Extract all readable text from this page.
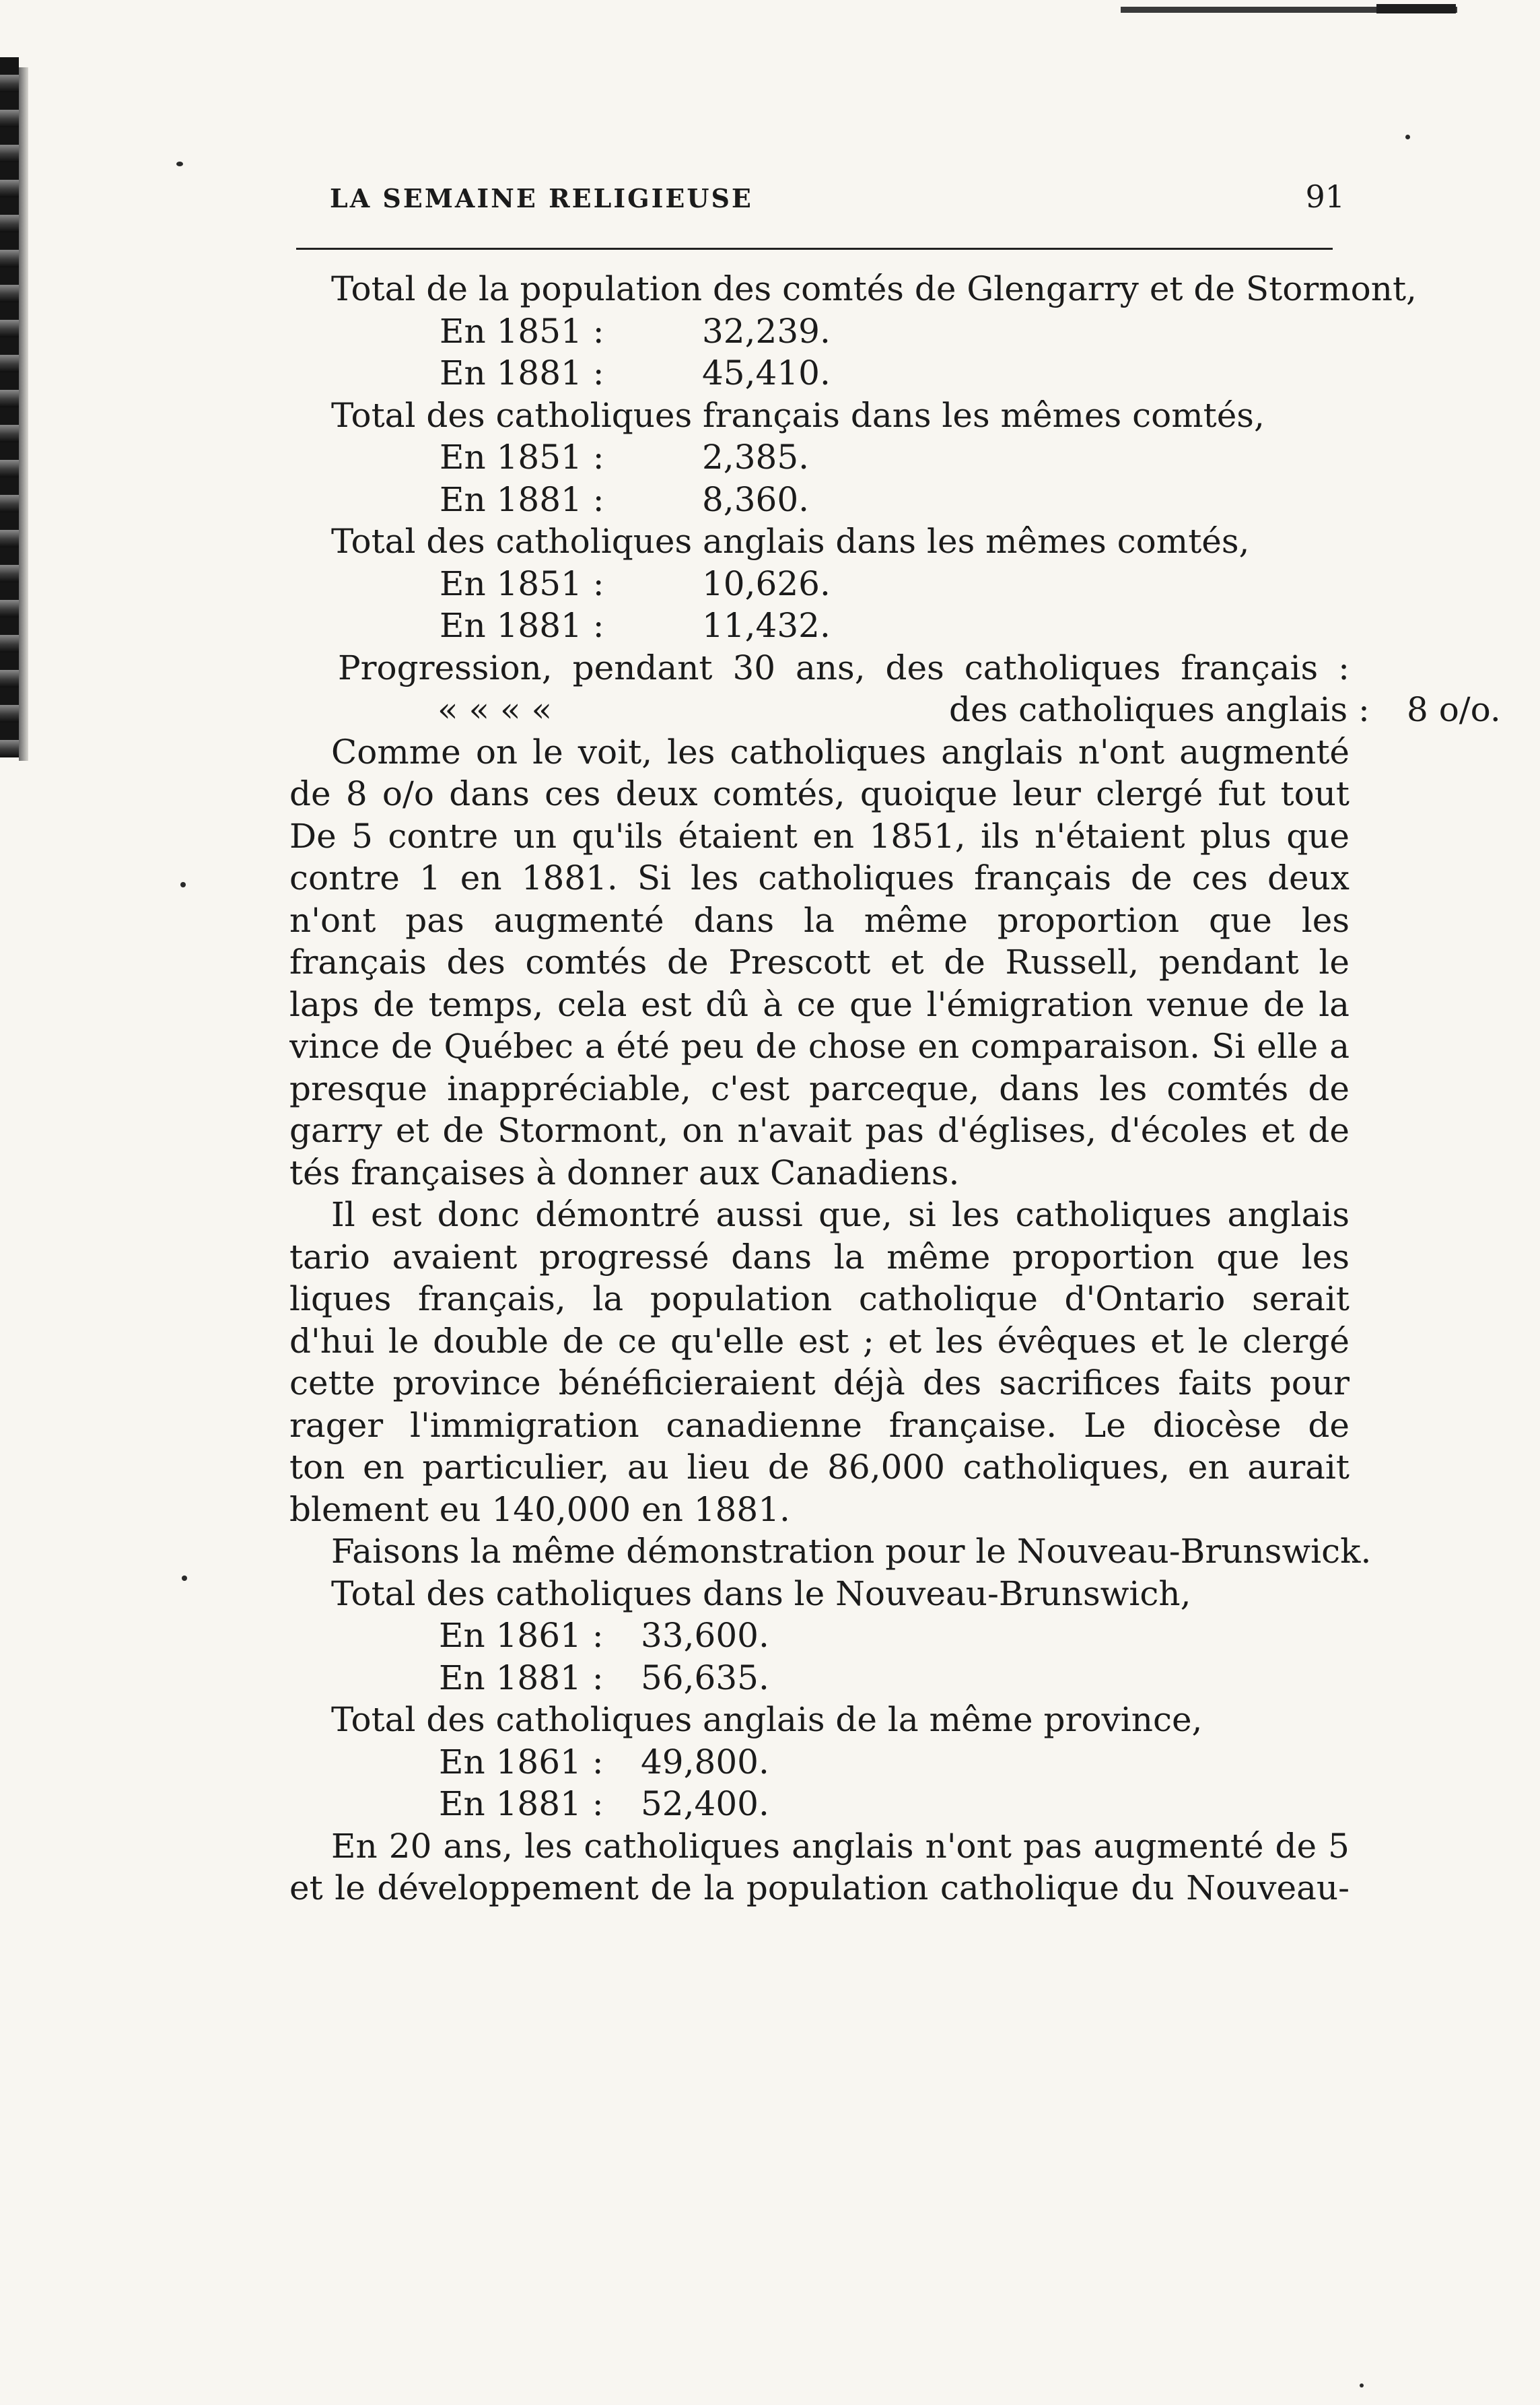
LA SEMAINE RELIGIEUSE	91
Total de la population des comtés de Glengarry et de Stormont,
En 1851 :	32,239.
En 1881 :	45,410.
Total des catholiques français dans les mêmes comtés,
En 1851 :	2,385.
En 1881 :	8,360.
Total des catholiques anglais dans les mêmes comtés,
En 1851 :	10,626.
En 1881 :	11,432.
Progression, pendant 30 ans, des catholiques français :
« « « «	des catholiques anglais : 8 o/o.
Comme on le voit, les catholiques anglais n'ont augmenté
de 8 o/o dans ces deux comtés, quoique leur clergé fut tout
De 5 contre un qu'ils étaient en 1851, ils n'étaient plus que
contre 1 en 1881. Si les catholiques français de ces deux
n'ont pas augmenté dans la même proportion que les
français des comtés de Prescott et de Russell, pendant le
laps de temps, cela est dû à ce que l'émigration venue de la
vince de Québec a été peu de chose en comparaison. Si elle a
presque inappréciable, c'est parceque, dans les comtés de
garry et de Stormont, on n'avait pas d'églises, d'écoles et de
tés françaises à donner aux Canadiens.
Il est donc démontré aussi que, si les catholiques anglais
tario avaient progressé dans la même proportion que les
liques français, la population catholique d'Ontario serait
d'hui le double de ce qu'elle est ; et les évêques et le clergé
cette province bénéficieraient déjà des sacrifices faits pour
rager l'immigration canadienne française. Le diocèse de
ton en particulier, au lieu de 86,000 catholiques, en aurait
blement eu 140,000 en 1881.
Faisons la même démonstration pour le Nouveau-Brunswick.
Total des catholiques dans le Nouveau-Brunswich,
En 1861 : 33,600.
En 1881 : 56,635.
Total des catholiques anglais de la même province,
En 1861 : 49,800.
En 1881 : 52,400.
En 20 ans, les catholiques anglais n'ont pas augmenté de 5
et le développement de la population catholique du Nouveau-
